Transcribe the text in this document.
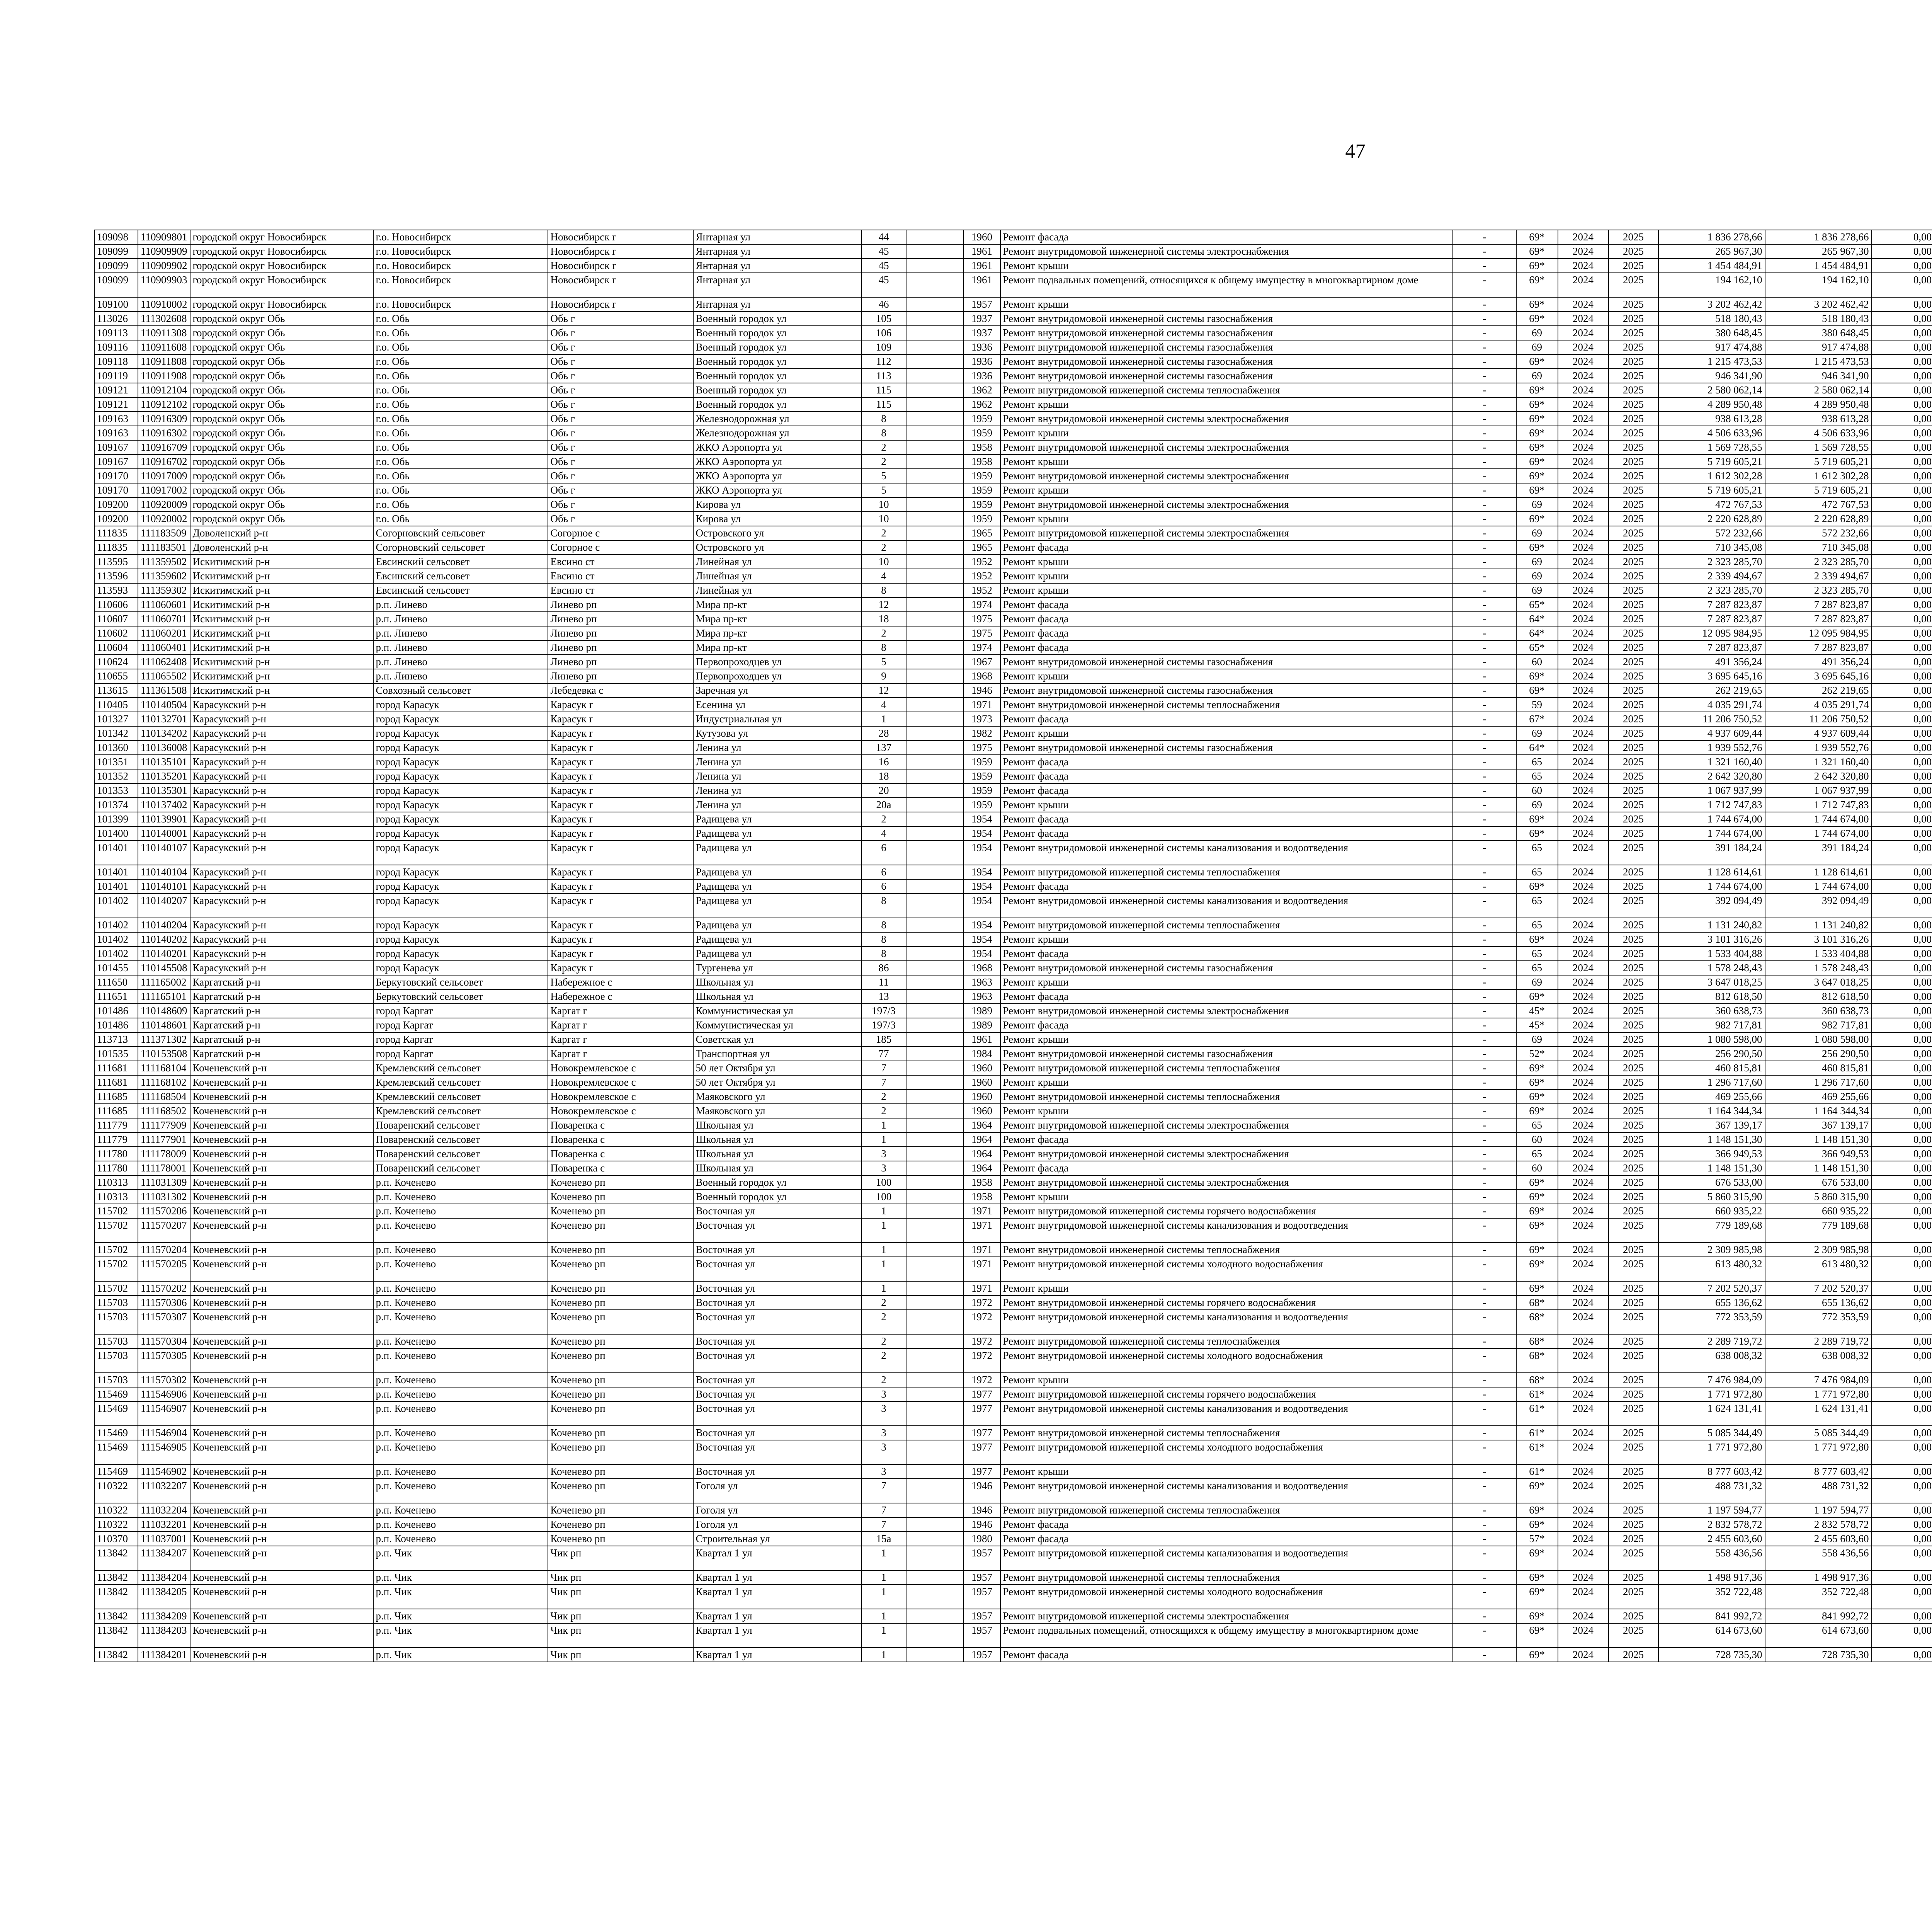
47
109098	110909801	городской округ Новосибирск	г.о. Новосибирск	Новосибирск г	Янтарная ул	44		1960	Ремонт фасада	-	69*	2024	2025	1 836 278,66	1 836 278,66	0,00						
109099	110909909	городской округ Новосибирск	г.о. Новосибирск	Новосибирск г	Янтарная ул	45		1961	Ремонт внутридомовой инженерной системы электроснабжения	-	69*	2024	2025	265 967,30	265 967,30	0,00						
109099	110909902	городской округ Новосибирск	г.о. Новосибирск	Новосибирск г	Янтарная ул	45		1961	Ремонт крыши	-	69*	2024	2025	1 454 484,91	1 454 484,91	0,00						
109099	110909903	городской округ Новосибирск	г.о. Новосибирск	Новосибирск г	Янтарная ул	45		1961	Ремонт подвальных помещений, относящихся к общему имуществу в многоквартирном доме	-	69*	2024	2025	194 162,10	194 162,10	0,00						
109100	110910002	городской округ Новосибирск	г.о. Новосибирск	Новосибирск г	Янтарная ул	46		1957	Ремонт крыши	-	69*	2024	2025	3 202 462,42	3 202 462,42	0,00						
113026	111302608	городской округ Обь	г.о. Обь	Обь г	Военный городок ул	105		1937	Ремонт внутридомовой инженерной системы газоснабжения	-	69*	2024	2025	518 180,43	518 180,43	0,00						
109113	110911308	городской округ Обь	г.о. Обь	Обь г	Военный городок ул	106		1937	Ремонт внутридомовой инженерной системы газоснабжения	-	69	2024	2025	380 648,45	380 648,45	0,00						
109116	110911608	городской округ Обь	г.о. Обь	Обь г	Военный городок ул	109		1936	Ремонт внутридомовой инженерной системы газоснабжения	-	69	2024	2025	917 474,88	917 474,88	0,00						
109118	110911808	городской округ Обь	г.о. Обь	Обь г	Военный городок ул	112		1936	Ремонт внутридомовой инженерной системы газоснабжения	-	69*	2024	2025	1 215 473,53	1 215 473,53	0,00						
109119	110911908	городской округ Обь	г.о. Обь	Обь г	Военный городок ул	113		1936	Ремонт внутридомовой инженерной системы газоснабжения	-	69	2024	2025	946 341,90	946 341,90	0,00						
109121	110912104	городской округ Обь	г.о. Обь	Обь г	Военный городок ул	115		1962	Ремонт внутридомовой инженерной системы теплоснабжения	-	69*	2024	2025	2 580 062,14	2 580 062,14	0,00						
109121	110912102	городской округ Обь	г.о. Обь	Обь г	Военный городок ул	115		1962	Ремонт крыши	-	69*	2024	2025	4 289 950,48	4 289 950,48	0,00						
109163	110916309	городской округ Обь	г.о. Обь	Обь г	Железнодорожная ул	8		1959	Ремонт внутридомовой инженерной системы электроснабжения	-	69*	2024	2025	938 613,28	938 613,28	0,00						
109163	110916302	городской округ Обь	г.о. Обь	Обь г	Железнодорожная ул	8		1959	Ремонт крыши	-	69*	2024	2025	4 506 633,96	4 506 633,96	0,00						
109167	110916709	городской округ Обь	г.о. Обь	Обь г	ЖКО Аэропорта ул	2		1958	Ремонт внутридомовой инженерной системы электроснабжения	-	69*	2024	2025	1 569 728,55	1 569 728,55	0,00						
109167	110916702	городской округ Обь	г.о. Обь	Обь г	ЖКО Аэропорта ул	2		1958	Ремонт крыши	-	69*	2024	2025	5 719 605,21	5 719 605,21	0,00						
109170	110917009	городской округ Обь	г.о. Обь	Обь г	ЖКО Аэропорта ул	5		1959	Ремонт внутридомовой инженерной системы электроснабжения	-	69*	2024	2025	1 612 302,28	1 612 302,28	0,00						
109170	110917002	городской округ Обь	г.о. Обь	Обь г	ЖКО Аэропорта ул	5		1959	Ремонт крыши	-	69*	2024	2025	5 719 605,21	5 719 605,21	0,00						
109200	110920009	городской округ Обь	г.о. Обь	Обь г	Кирова ул	10		1959	Ремонт внутридомовой инженерной системы электроснабжения	-	69	2024	2025	472 767,53	472 767,53	0,00						
109200	110920002	городской округ Обь	г.о. Обь	Обь г	Кирова ул	10		1959	Ремонт крыши	-	69*	2024	2025	2 220 628,89	2 220 628,89	0,00						
111835	111183509	Доволенский р-н	Согорновский сельсовет	Согорное с	Островского ул	2		1965	Ремонт внутридомовой инженерной системы электроснабжения	-	69	2024	2025	572 232,66	572 232,66	0,00						
111835	111183501	Доволенский р-н	Согорновский сельсовет	Согорное с	Островского ул	2		1965	Ремонт фасада	-	69*	2024	2025	710 345,08	710 345,08	0,00						
113595	111359502	Искитимский р-н	Евсинский сельсовет	Евсино ст	Линейная ул	10		1952	Ремонт крыши	-	69	2024	2025	2 323 285,70	2 323 285,70	0,00						
113596	111359602	Искитимский р-н	Евсинский сельсовет	Евсино ст	Линейная ул	4		1952	Ремонт крыши	-	69	2024	2025	2 339 494,67	2 339 494,67	0,00						
113593	111359302	Искитимский р-н	Евсинский сельсовет	Евсино ст	Линейная ул	8		1952	Ремонт крыши	-	69	2024	2025	2 323 285,70	2 323 285,70	0,00						
110606	111060601	Искитимский р-н	р.п. Линево	Линево рп	Мира пр-кт	12		1974	Ремонт фасада	-	65*	2024	2025	7 287 823,87	7 287 823,87	0,00						
110607	111060701	Искитимский р-н	р.п. Линево	Линево рп	Мира пр-кт	18		1975	Ремонт фасада	-	64*	2024	2025	7 287 823,87	7 287 823,87	0,00						
110602	111060201	Искитимский р-н	р.п. Линево	Линево рп	Мира пр-кт	2		1975	Ремонт фасада	-	64*	2024	2025	12 095 984,95	12 095 984,95	0,00						
110604	111060401	Искитимский р-н	р.п. Линево	Линево рп	Мира пр-кт	8		1974	Ремонт фасада	-	65*	2024	2025	7 287 823,87	7 287 823,87	0,00						
110624	111062408	Искитимский р-н	р.п. Линево	Линево рп	Первопроходцев ул	5		1967	Ремонт внутридомовой инженерной системы газоснабжения	-	60	2024	2025	491 356,24	491 356,24	0,00						
110655	111065502	Искитимский р-н	р.п. Линево	Линево рп	Первопроходцев ул	9		1968	Ремонт крыши	-	69*	2024	2025	3 695 645,16	3 695 645,16	0,00						
113615	111361508	Искитимский р-н	Совхозный сельсовет	Лебедевка с	Заречная ул	12		1946	Ремонт внутридомовой инженерной системы газоснабжения	-	69*	2024	2025	262 219,65	262 219,65	0,00						
110405	110140504	Карасукский р-н	город Карасук	Карасук г	Есенина ул	4		1971	Ремонт внутридомовой инженерной системы теплоснабжения	-	59	2024	2025	4 035 291,74	4 035 291,74	0,00						
101327	110132701	Карасукский р-н	город Карасук	Карасук г	Индустриальная ул	1		1973	Ремонт фасада	-	67*	2024	2025	11 206 750,52	11 206 750,52	0,00						
101342	110134202	Карасукский р-н	город Карасук	Карасук г	Кутузова ул	28		1982	Ремонт крыши	-	69	2024	2025	4 937 609,44	4 937 609,44	0,00						
101360	110136008	Карасукский р-н	город Карасук	Карасук г	Ленина ул	137		1975	Ремонт внутридомовой инженерной системы газоснабжения	-	64*	2024	2025	1 939 552,76	1 939 552,76	0,00						
101351	110135101	Карасукский р-н	город Карасук	Карасук г	Ленина ул	16		1959	Ремонт фасада	-	65	2024	2025	1 321 160,40	1 321 160,40	0,00						
101352	110135201	Карасукский р-н	город Карасук	Карасук г	Ленина ул	18		1959	Ремонт фасада	-	65	2024	2025	2 642 320,80	2 642 320,80	0,00						
101353	110135301	Карасукский р-н	город Карасук	Карасук г	Ленина ул	20		1959	Ремонт фасада	-	60	2024	2025	1 067 937,99	1 067 937,99	0,00						
101374	110137402	Карасукский р-н	город Карасук	Карасук г	Ленина ул	20а		1959	Ремонт крыши	-	69	2024	2025	1 712 747,83	1 712 747,83	0,00						
101399	110139901	Карасукский р-н	город Карасук	Карасук г	Радищева ул	2		1954	Ремонт фасада	-	69*	2024	2025	1 744 674,00	1 744 674,00	0,00						
101400	110140001	Карасукский р-н	город Карасук	Карасук г	Радищева ул	4		1954	Ремонт фасада	-	69*	2024	2025	1 744 674,00	1 744 674,00	0,00						
101401	110140107	Карасукский р-н	город Карасук	Карасук г	Радищева ул	6		1954	Ремонт внутридомовой инженерной системы канализования и водоотведения	-	65	2024	2025	391 184,24	391 184,24	0,00						
101401	110140104	Карасукский р-н	город Карасук	Карасук г	Радищева ул	6		1954	Ремонт внутридомовой инженерной системы теплоснабжения	-	65	2024	2025	1 128 614,61	1 128 614,61	0,00						
101401	110140101	Карасукский р-н	город Карасук	Карасук г	Радищева ул	6		1954	Ремонт фасада	-	69*	2024	2025	1 744 674,00	1 744 674,00	0,00						
101402	110140207	Карасукский р-н	город Карасук	Карасук г	Радищева ул	8		1954	Ремонт внутридомовой инженерной системы канализования и водоотведения	-	65	2024	2025	392 094,49	392 094,49	0,00						
101402	110140204	Карасукский р-н	город Карасук	Карасук г	Радищева ул	8		1954	Ремонт внутридомовой инженерной системы теплоснабжения	-	65	2024	2025	1 131 240,82	1 131 240,82	0,00						
101402	110140202	Карасукский р-н	город Карасук	Карасук г	Радищева ул	8		1954	Ремонт крыши	-	69*	2024	2025	3 101 316,26	3 101 316,26	0,00						
101402	110140201	Карасукский р-н	город Карасук	Карасук г	Радищева ул	8		1954	Ремонт фасада	-	65	2024	2025	1 533 404,88	1 533 404,88	0,00						
101455	110145508	Карасукский р-н	город Карасук	Карасук г	Тургенева ул	86		1968	Ремонт внутридомовой инженерной системы газоснабжения	-	65	2024	2025	1 578 248,43	1 578 248,43	0,00						
111650	111165002	Каргатский р-н	Беркутовский сельсовет	Набережное с	Школьная ул	11		1963	Ремонт крыши	-	69	2024	2025	3 647 018,25	3 647 018,25	0,00						
111651	111165101	Каргатский р-н	Беркутовский сельсовет	Набережное с	Школьная ул	13		1963	Ремонт фасада	-	69*	2024	2025	812 618,50	812 618,50	0,00						
101486	110148609	Каргатский р-н	город Каргат	Каргат г	Коммунистическая ул	197/3		1989	Ремонт внутридомовой инженерной системы электроснабжения	-	45*	2024	2025	360 638,73	360 638,73	0,00						
101486	110148601	Каргатский р-н	город Каргат	Каргат г	Коммунистическая ул	197/3		1989	Ремонт фасада	-	45*	2024	2025	982 717,81	982 717,81	0,00						
113713	111371302	Каргатский р-н	город Каргат	Каргат г	Советская ул	185		1961	Ремонт крыши	-	69	2024	2025	1 080 598,00	1 080 598,00	0,00						
101535	110153508	Каргатский р-н	город Каргат	Каргат г	Транспортная ул	77		1984	Ремонт внутридомовой инженерной системы газоснабжения	-	52*	2024	2025	256 290,50	256 290,50	0,00						
111681	111168104	Коченевский р-н	Кремлевский сельсовет	Новокремлевское с	50 лет Октября ул	7		1960	Ремонт внутридомовой инженерной системы теплоснабжения	-	69*	2024	2025	460 815,81	460 815,81	0,00						
111681	111168102	Коченевский р-н	Кремлевский сельсовет	Новокремлевское с	50 лет Октября ул	7		1960	Ремонт крыши	-	69*	2024	2025	1 296 717,60	1 296 717,60	0,00						
111685	111168504	Коченевский р-н	Кремлевский сельсовет	Новокремлевское с	Маяковского ул	2		1960	Ремонт внутридомовой инженерной системы теплоснабжения	-	69*	2024	2025	469 255,66	469 255,66	0,00						
111685	111168502	Коченевский р-н	Кремлевский сельсовет	Новокремлевское с	Маяковского ул	2		1960	Ремонт крыши	-	69*	2024	2025	1 164 344,34	1 164 344,34	0,00						
111779	111177909	Коченевский р-н	Поваренский сельсовет	Поваренка с	Школьная ул	1		1964	Ремонт внутридомовой инженерной системы электроснабжения	-	65	2024	2025	367 139,17	367 139,17	0,00						
111779	111177901	Коченевский р-н	Поваренский сельсовет	Поваренка с	Школьная ул	1		1964	Ремонт фасада	-	60	2024	2025	1 148 151,30	1 148 151,30	0,00						
111780	111178009	Коченевский р-н	Поваренский сельсовет	Поваренка с	Школьная ул	3		1964	Ремонт внутридомовой инженерной системы электроснабжения	-	65	2024	2025	366 949,53	366 949,53	0,00						
111780	111178001	Коченевский р-н	Поваренский сельсовет	Поваренка с	Школьная ул	3		1964	Ремонт фасада	-	60	2024	2025	1 148 151,30	1 148 151,30	0,00						
110313	111031309	Коченевский р-н	р.п. Коченево	Коченево рп	Военный городок ул	100		1958	Ремонт внутридомовой инженерной системы электроснабжения	-	69*	2024	2025	676 533,00	676 533,00	0,00						
110313	111031302	Коченевский р-н	р.п. Коченево	Коченево рп	Военный городок ул	100		1958	Ремонт крыши	-	69*	2024	2025	5 860 315,90	5 860 315,90	0,00						
115702	111570206	Коченевский р-н	р.п. Коченево	Коченево рп	Восточная ул	1		1971	Ремонт внутридомовой инженерной системы горячего водоснабжения	-	69*	2024	2025	660 935,22	660 935,22	0,00						
115702	111570207	Коченевский р-н	р.п. Коченево	Коченево рп	Восточная ул	1		1971	Ремонт внутридомовой инженерной системы канализования и водоотведения	-	69*	2024	2025	779 189,68	779 189,68	0,00						
115702	111570204	Коченевский р-н	р.п. Коченево	Коченево рп	Восточная ул	1		1971	Ремонт внутридомовой инженерной системы теплоснабжения	-	69*	2024	2025	2 309 985,98	2 309 985,98	0,00						
115702	111570205	Коченевский р-н	р.п. Коченево	Коченево рп	Восточная ул	1		1971	Ремонт внутридомовой инженерной системы холодного водоснабжения	-	69*	2024	2025	613 480,32	613 480,32	0,00						
115702	111570202	Коченевский р-н	р.п. Коченево	Коченево рп	Восточная ул	1		1971	Ремонт крыши	-	69*	2024	2025	7 202 520,37	7 202 520,37	0,00						
115703	111570306	Коченевский р-н	р.п. Коченево	Коченево рп	Восточная ул	2		1972	Ремонт внутридомовой инженерной системы горячего водоснабжения	-	68*	2024	2025	655 136,62	655 136,62	0,00						
115703	111570307	Коченевский р-н	р.п. Коченево	Коченево рп	Восточная ул	2		1972	Ремонт внутридомовой инженерной системы канализования и водоотведения	-	68*	2024	2025	772 353,59	772 353,59	0,00						
115703	111570304	Коченевский р-н	р.п. Коченево	Коченево рп	Восточная ул	2		1972	Ремонт внутридомовой инженерной системы теплоснабжения	-	68*	2024	2025	2 289 719,72	2 289 719,72	0,00						
115703	111570305	Коченевский р-н	р.п. Коченево	Коченево рп	Восточная ул	2		1972	Ремонт внутридомовой инженерной системы холодного водоснабжения	-	68*	2024	2025	638 008,32	638 008,32	0,00						
115703	111570302	Коченевский р-н	р.п. Коченево	Коченево рп	Восточная ул	2		1972	Ремонт крыши	-	68*	2024	2025	7 476 984,09	7 476 984,09	0,00						
115469	111546906	Коченевский р-н	р.п. Коченево	Коченево рп	Восточная ул	3		1977	Ремонт внутридомовой инженерной системы горячего водоснабжения	-	61*	2024	2025	1 771 972,80	1 771 972,80	0,00						
115469	111546907	Коченевский р-н	р.п. Коченево	Коченево рп	Восточная ул	3		1977	Ремонт внутридомовой инженерной системы канализования и водоотведения	-	61*	2024	2025	1 624 131,41	1 624 131,41	0,00						
115469	111546904	Коченевский р-н	р.п. Коченево	Коченево рп	Восточная ул	3		1977	Ремонт внутридомовой инженерной системы теплоснабжения	-	61*	2024	2025	5 085 344,49	5 085 344,49	0,00						
115469	111546905	Коченевский р-н	р.п. Коченево	Коченево рп	Восточная ул	3		1977	Ремонт внутридомовой инженерной системы холодного водоснабжения	-	61*	2024	2025	1 771 972,80	1 771 972,80	0,00						
115469	111546902	Коченевский р-н	р.п. Коченево	Коченево рп	Восточная ул	3		1977	Ремонт крыши	-	61*	2024	2025	8 777 603,42	8 777 603,42	0,00						
110322	111032207	Коченевский р-н	р.п. Коченево	Коченево рп	Гоголя ул	7		1946	Ремонт внутридомовой инженерной системы канализования и водоотведения	-	69*	2024	2025	488 731,32	488 731,32	0,00						
110322	111032204	Коченевский р-н	р.п. Коченево	Коченево рп	Гоголя ул	7		1946	Ремонт внутридомовой инженерной системы теплоснабжения	-	69*	2024	2025	1 197 594,77	1 197 594,77	0,00						
110322	111032201	Коченевский р-н	р.п. Коченево	Коченево рп	Гоголя ул	7		1946	Ремонт фасада	-	69*	2024	2025	2 832 578,72	2 832 578,72	0,00						
110370	111037001	Коченевский р-н	р.п. Коченево	Коченево рп	Строительная ул	15а		1980	Ремонт фасада	-	57*	2024	2025	2 455 603,60	2 455 603,60	0,00						
113842	111384207	Коченевский р-н	р.п. Чик	Чик рп	Квартал 1 ул	1		1957	Ремонт внутридомовой инженерной системы канализования и водоотведения	-	69*	2024	2025	558 436,56	558 436,56	0,00						
113842	111384204	Коченевский р-н	р.п. Чик	Чик рп	Квартал 1 ул	1		1957	Ремонт внутридомовой инженерной системы теплоснабжения	-	69*	2024	2025	1 498 917,36	1 498 917,36	0,00						
113842	111384205	Коченевский р-н	р.п. Чик	Чик рп	Квартал 1 ул	1		1957	Ремонт внутридомовой инженерной системы холодного водоснабжения	-	69*	2024	2025	352 722,48	352 722,48	0,00						
113842	111384209	Коченевский р-н	р.п. Чик	Чик рп	Квартал 1 ул	1		1957	Ремонт внутридомовой инженерной системы электроснабжения	-	69*	2024	2025	841 992,72	841 992,72	0,00						
113842	111384203	Коченевский р-н	р.п. Чик	Чик рп	Квартал 1 ул	1		1957	Ремонт подвальных помещений, относящихся к общему имуществу в многоквартирном доме	-	69*	2024	2025	614 673,60	614 673,60	0,00						
113842	111384201	Коченевский р-н	р.п. Чик	Чик рп	Квартал 1 ул	1		1957	Ремонт фасада	-	69*	2024	2025	728 735,30	728 735,30	0,00						
